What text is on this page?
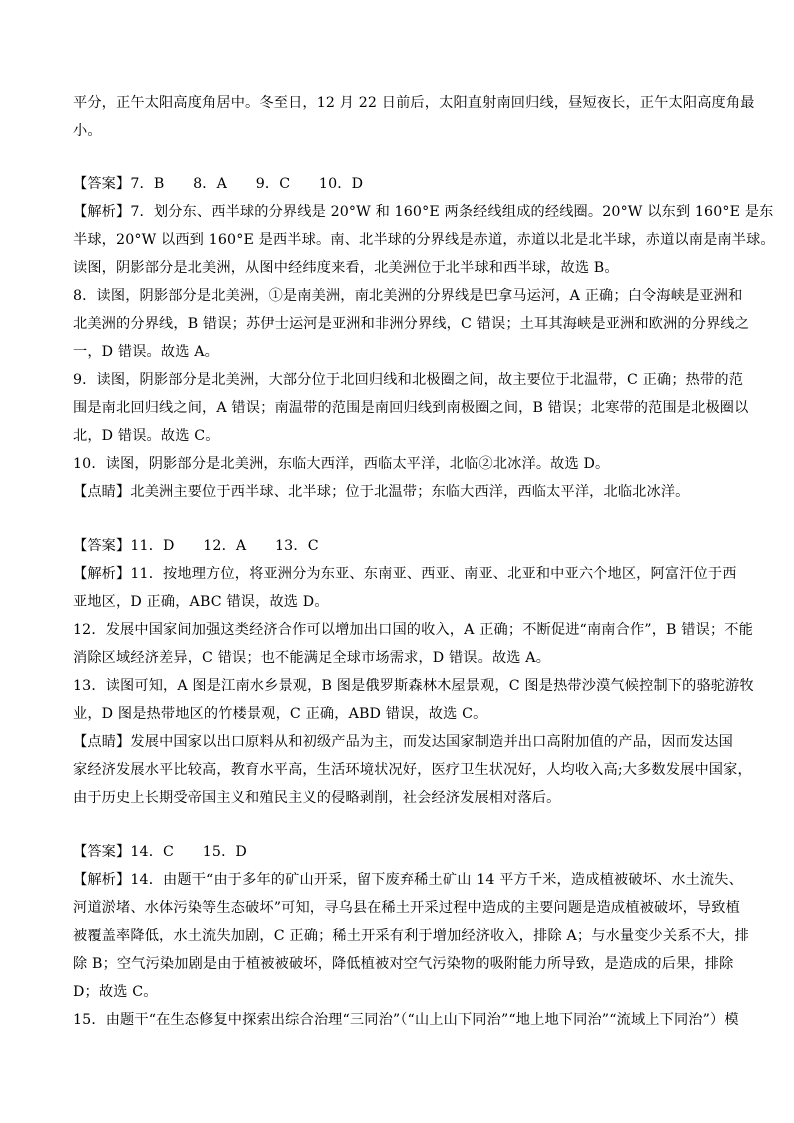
平分，正午太阳高度角居中。冬至日，12 月 22 日前后，太阳直射南回归线，昼短夜长，正午太阳高度角最
小。
【答案】7．B　　8．A　　9．C　　10．D
【解析】7．划分东、西半球的分界线是 20°W 和 160°E 两条经线组成的经线圈。20°W 以东到 160°E 是东
半球，20°W 以西到 160°E 是西半球。南、北半球的分界线是赤道，赤道以北是北半球，赤道以南是南半球。
读图，阴影部分是北美洲，从图中经纬度来看，北美洲位于北半球和西半球，故选 B。
8．读图，阴影部分是北美洲，①是南美洲，南北美洲的分界线是巴拿马运河，A 正确；白令海峡是亚洲和
北美洲的分界线，B 错误；苏伊士运河是亚洲和非洲分界线，C 错误；土耳其海峡是亚洲和欧洲的分界线之
一，D 错误。故选 A。
9．读图，阴影部分是北美洲，大部分位于北回归线和北极圈之间，故主要位于北温带，C 正确；热带的范
围是南北回归线之间，A 错误；南温带的范围是南回归线到南极圈之间，B 错误；北寒带的范围是北极圈以
北，D 错误。故选 C。
10．读图，阴影部分是北美洲，东临大西洋，西临太平洋，北临②北冰洋。故选 D。
【点睛】北美洲主要位于西半球、北半球；位于北温带；东临大西洋，西临太平洋，北临北冰洋。
【答案】11．D　　12．A　　13．C
【解析】11．按地理方位，将亚洲分为东亚、东南亚、西亚、南亚、北亚和中亚六个地区，阿富汗位于西
亚地区，D 正确，ABC 错误，故选 D。
12．发展中国家间加强这类经济合作可以增加出口国的收入，A 正确；不断促进“南南合作”，B 错误；不能
消除区域经济差异，C 错误；也不能满足全球市场需求，D 错误。故选 A。
13．读图可知，A 图是江南水乡景观，B 图是俄罗斯森林木屋景观，C 图是热带沙漠气候控制下的骆驼游牧
业，D 图是热带地区的竹楼景观，C 正确，ABD 错误，故选 C。
【点睛】发展中国家以出口原料从和初级产品为主，而发达国家制造并出口高附加值的产品，因而发达国
家经济发展水平比较高，教育水平高，生活环境状况好，医疗卫生状况好，人均收入高;大多数发展中国家，
由于历史上长期受帝国主义和殖民主义的侵略剥削，社会经济发展相对落后。
【答案】14．C　　15．D
【解析】14．由题干“由于多年的矿山开采，留下废弃稀土矿山 14 平方千米，造成植被破坏、水土流失、
河道淤堵、水体污染等生态破坏”可知，寻乌县在稀土开采过程中造成的主要问题是造成植被破坏，导致植
被覆盖率降低，水土流失加剧，C 正确；稀土开采有利于增加经济收入，排除 A；与水量变少关系不大，排
除 B；空气污染加剧是由于植被被破坏，降低植被对空气污染物的吸附能力所导致，是造成的后果，排除
D；故选 C。
15．由题干“在生态修复中探索出综合治理“三同治”（“山上山下同治”“地上地下同治”“流域上下同治”）模
